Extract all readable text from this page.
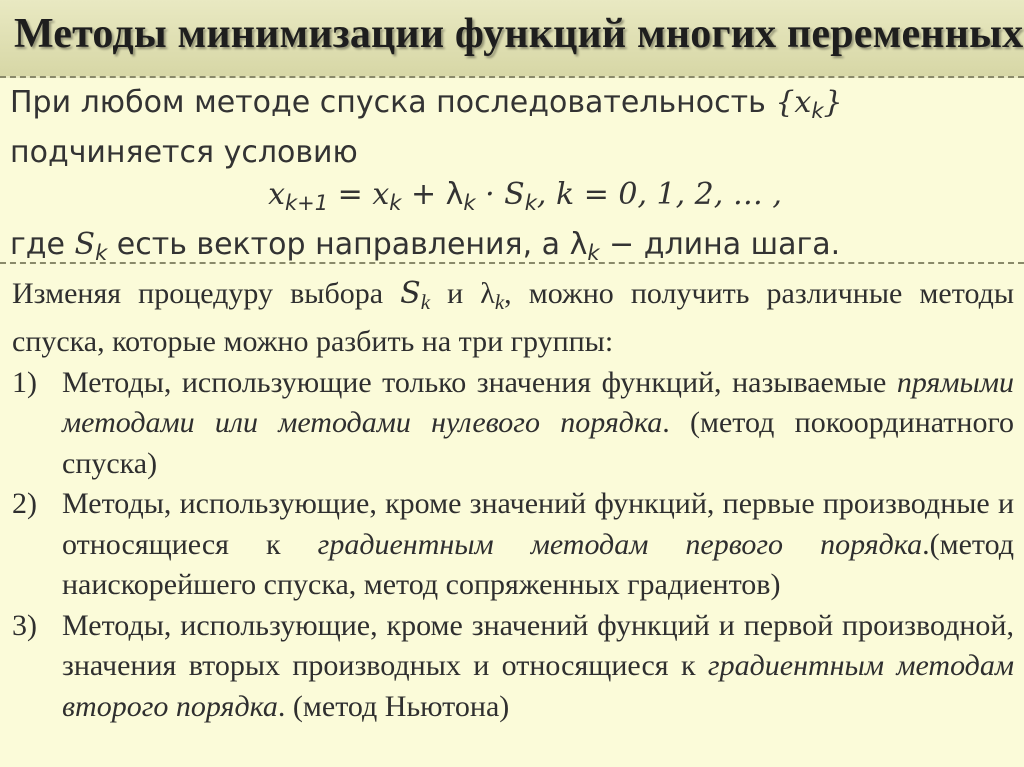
Методы минимизации функций многих переменных
При любом методе спуска последовательность $\{x_k\}$
подчиняется условию
$x_{k+1} = x_k + \lambda_k \cdot S_k$, k = 0, 1, 2, … ,
где $S_k$ есть вектор направления, а $\lambda_k$ − длина шага.

Изменяя процедуру выбора $S_k$ и $\lambda_k$, можно получить различные методы спуска, которые можно разбить на три группы:

1) Методы, использующие только значения функций, называемые прямыми методами или методами нулевого порядка. (метод покоординатного спуска)

2) Методы, использующие, кроме значений функций, первые производные и относящиеся к градиентным методам первого порядка.(метод наискорейшего спуска, метод сопряженных градиентов)

3) Методы, использующие, кроме значений функций и первой производной, значения вторых производных и относящиеся к градиентным методам второго порядка. (метод Ньютона)
